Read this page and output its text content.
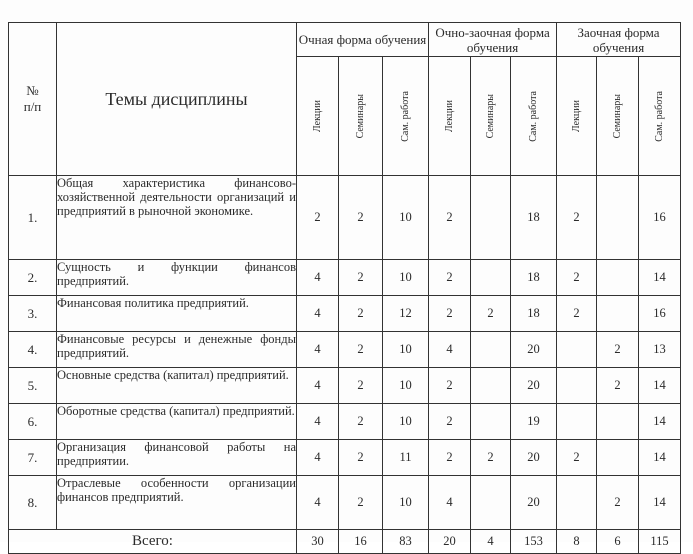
№
п/п	Темы дисциплины	Очная форма обучения			Очно-заочная форма обучения			Заочная форма обучения		

		Лекции	Семинары	Сам. работа	Лекции	Семинары	Сам. работа	Лекции	Семинары	Сам. работа

1.	Общая характеристика финансово-хозяйственной деятельности организаций и предприятий в рыночной экономике.	2	2	10	2		18	2		16
2.	Сущность и функции финансов предприятий.	4	2	10	2		18	2		14
3.	Финансовая политика предприятий.	4	2	12	2	2	18	2		16
4.	Финансовые ресурсы и денежные фонды предприятий.	4	2	10	4		20		2	13
5.	Основные средства (капитал) предприятий.	4	2	10	2		20		2	14
6.	Оборотные средства (капитал) предприятий.	4	2	10	2		19			14
7.	Организация финансовой работы на предприятии.	4	2	11	2	2	20	2		14
8.	Отраслевые особенности организации финансов предприятий.	4	2	10	4		20		2	14
Всего:		30	16	83	20	4	153	8	6	115
